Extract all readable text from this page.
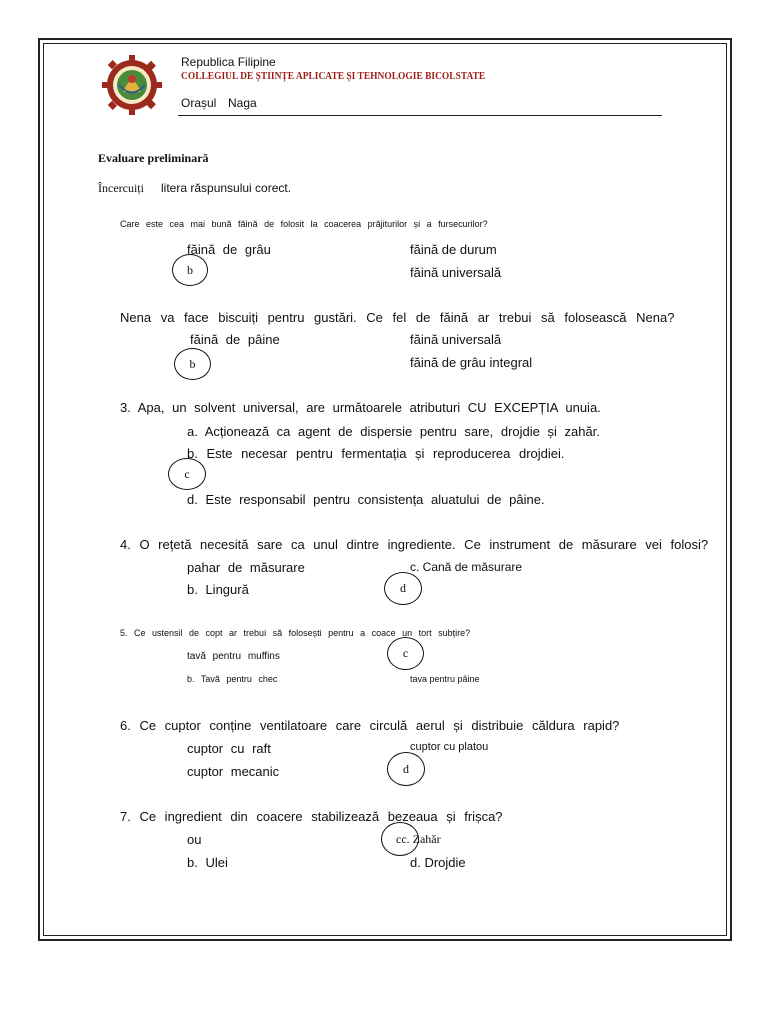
Republica Filipine
COLLEGIUL DE ȘTIINȚE APLICATE ȘI TEHNOLOGIE BICOLSTATE
Orașul Naga
Evaluare preliminară
Încercuiți litera răspunsului corect.
Care este cea mai bună făină de folosit la coacerea prăjiturilor și a fursecurilor?
făină de grâu	făină de durum
b	făină universală
Nena va face biscuiți pentru gustări. Ce fel de făină ar trebui să folosească Nena?
făină de pâine	făină universală
b	făină de grâu integral
3. Apa, un solvent universal, are următoarele atributuri CU EXCEPȚIA unuia.
a. Acționează ca agent de dispersie pentru sare, drojdie și zahăr.
b. Este necesar pentru fermentația și reproducerea drojdiei.
c
d. Este responsabil pentru consistența aluatului de pâine.
4. O rețetă necesită sare ca unul dintre ingrediente. Ce instrument de măsurare vei folosi?
pahar de măsurare	c. Cană de măsurare
b. Lingură	d
5. Ce ustensil de copt ar trebui să folosești pentru a coace un tort subțire?
tavă pentru muffins	c
b. Tavă pentru chec	tava pentru pâine
6. Ce cuptor conține ventilatoare care circulă aerul și distribuie căldura rapid?
cuptor cu raft	cuptor cu platou
cuptor mecanic	d
7. Ce ingredient din coacere stabilizează bezeaua și frișca?
ou	cc. Zahăr
b. Ulei	d. Drojdie
